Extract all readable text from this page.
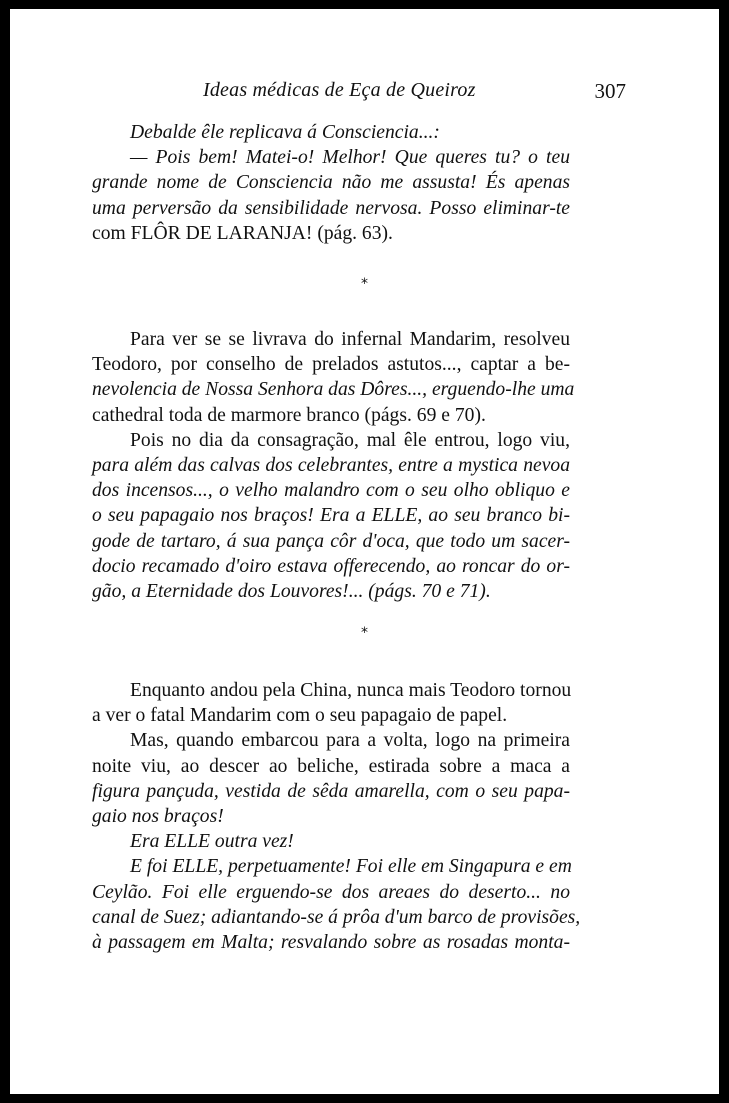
Ideas médicas de Eça de Queiroz	307
Debalde êle replicava á Consciencia...:
— Pois bem! Matei-o! Melhor! Que queres tu? o teu
grande nome de Consciencia não me assusta! És apenas
uma perversão da sensibilidade nervosa. Posso eliminar-te
com FLÔR DE LARANJA! (pág. 63).
*
Para ver se se livrava do infernal Mandarim, resolveu
Teodoro, por conselho de prelados astutos..., captar a be-
nevolencia de Nossa Senhora das Dôres..., erguendo-lhe uma
cathedral toda de marmore branco (págs. 69 e 70).
Pois no dia da consagração, mal êle entrou, logo viu,
para além das calvas dos celebrantes, entre a mystica nevoa
dos incensos..., o velho malandro com o seu olho obliquo e
o seu papagaio nos braços! Era a ELLE, ao seu branco bi-
gode de tartaro, á sua pança côr d'oca, que todo um sacer-
docio recamado d'oiro estava offerecendo, ao roncar do or-
gão, a Eternidade dos Louvores!... (págs. 70 e 71).
*
Enquanto andou pela China, nunca mais Teodoro tornou
a ver o fatal Mandarim com o seu papagaio de papel.
Mas, quando embarcou para a volta, logo na primeira
noite viu, ao descer ao beliche, estirada sobre a maca a
figura pançuda, vestida de sêda amarella, com o seu papa-
gaio nos braços!
Era ELLE outra vez!
E foi ELLE, perpetuamente! Foi elle em Singapura e em
Ceylão. Foi elle erguendo-se dos areaes do deserto... no
canal de Suez; adiantando-se á prôa d'um barco de provisões,
à passagem em Malta; resvalando sobre as rosadas monta-
